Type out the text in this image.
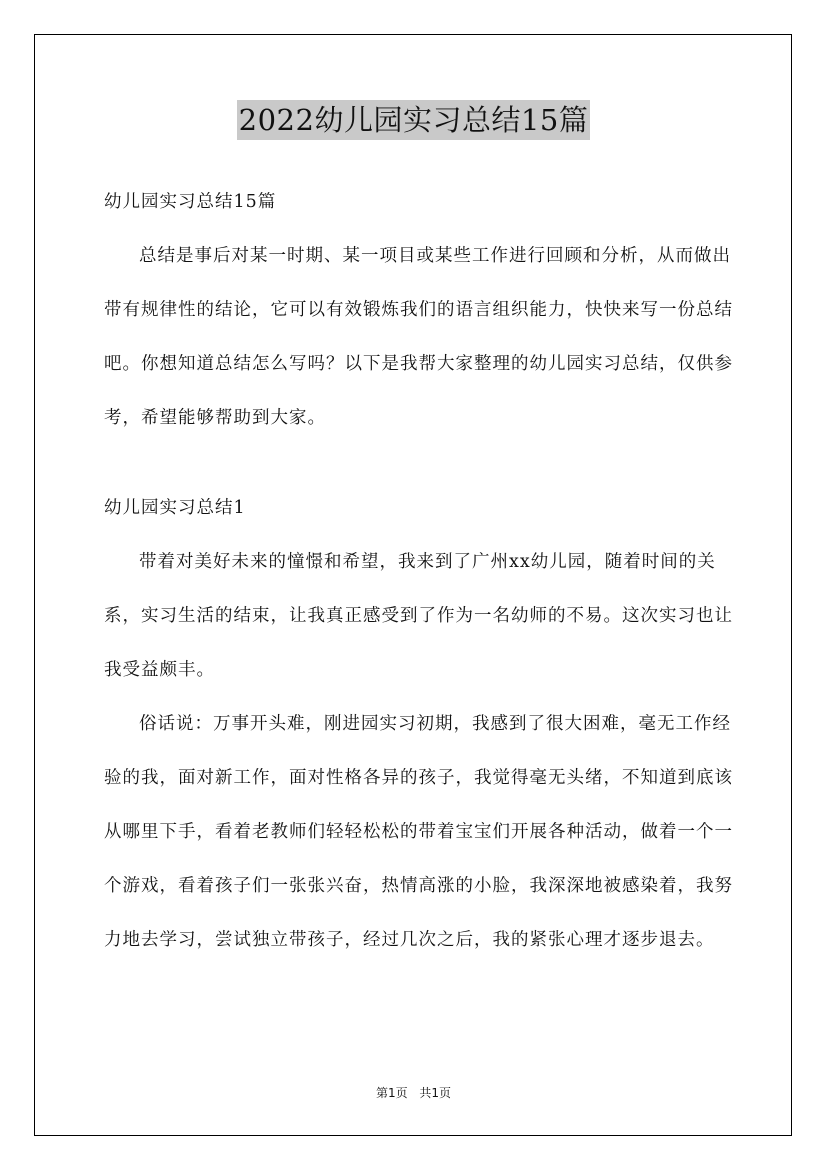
2022幼儿园实习总结15篇

幼儿园实习总结15篇

总结是事后对某一时期、某一项目或某些工作进行回顾和分析，从而做出带有规律性的结论，它可以有效锻炼我们的语言组织能力，快快来写一份总结吧。你想知道总结怎么写吗？以下是我帮大家整理的幼儿园实习总结，仅供参考，希望能够帮助到大家。

幼儿园实习总结1

带着对美好未来的憧憬和希望，我来到了广州xx幼儿园，随着时间的关系，实习生活的结束，让我真正感受到了作为一名幼师的不易。这次实习也让我受益颇丰。

俗话说：万事开头难，刚进园实习初期，我感到了很大困难，毫无工作经验的我，面对新工作，面对性格各异的孩子，我觉得毫无头绪，不知道到底该从哪里下手，看着老教师们轻轻松松的带着宝宝们开展各种活动，做着一个一个游戏，看着孩子们一张张兴奋，热情高涨的小脸，我深深地被感染着，我努力地去学习，尝试独立带孩子，经过几次之后，我的紧张心理才逐步退去。

第1页 共1页
